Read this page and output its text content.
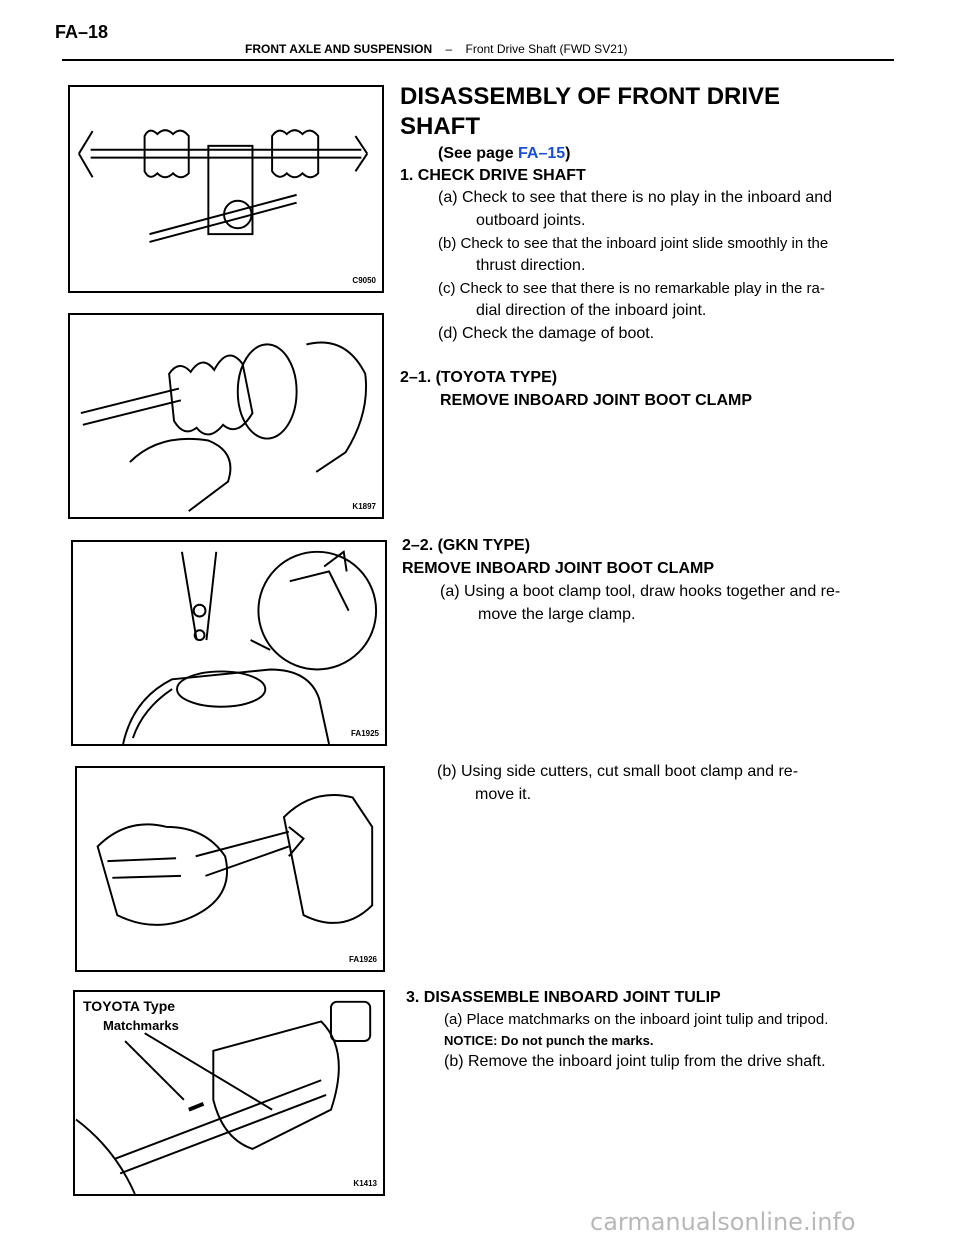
FA–18
FRONT AXLE AND SUSPENSION – Front Drive Shaft (FWD SV21)
C9050
K1897
FA1925
FA1926
TOYOTA Type
Matchmarks
K1413
DISASSEMBLY OF FRONT DRIVE
SHAFT
(See page FA–15)
1. CHECK DRIVE SHAFT
(a) Check to see that there is no play in the inboard and
outboard joints.
(b) Check to see that the inboard joint slide smoothly in the
thrust direction.
(c) Check to see that there is no remarkable play in the ra-
dial direction of the inboard joint.
(d) Check the damage of boot.
2–1. (TOYOTA TYPE)
REMOVE INBOARD JOINT BOOT CLAMP
2–2. (GKN TYPE)
REMOVE INBOARD JOINT BOOT CLAMP
(a) Using a boot clamp tool, draw hooks together and re-
move the large clamp.
(b) Using side cutters, cut small boot clamp and re-
move it.
3. DISASSEMBLE INBOARD JOINT TULIP
(a) Place matchmarks on the inboard joint tulip and tripod.
NOTICE: Do not punch the marks.
(b) Remove the inboard joint tulip from the drive shaft.
carmanualsonline.info
